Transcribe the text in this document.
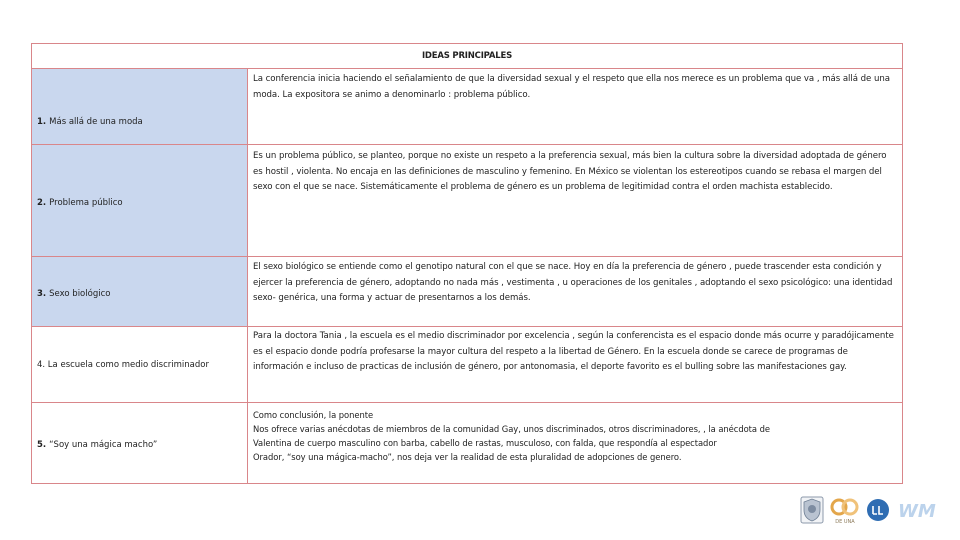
IDEAS PRINCIPALES
1. Más allá de una moda
La conferencia inicia haciendo el señalamiento de que la diversidad sexual y el respeto que ella nos merece es un problema que va , más allá de una moda. La expositora se animo a denominarlo : problema público.
2. Problema público
Es un problema público, se planteo, porque no existe un respeto a la preferencia sexual, más bien la cultura sobre la diversidad adoptada de género es hostil , violenta. No encaja en las definiciones de masculino y femenino. En México se violentan los estereotipos cuando se rebasa el margen del sexo con el que se nace. Sistemáticamente el problema de género es un problema de legitimidad contra el orden machista establecido.
3. Sexo biológico
El sexo biológico se entiende como el genotipo natural con el que se nace. Hoy en día la preferencia de género , puede trascender esta condición y ejercer la preferencia de género, adoptando no nada más , vestimenta , u operaciones de los genitales , adoptando el sexo psicológico: una identidad sexo- genérica, una forma y actuar de presentarnos a los demás.
4. La escuela como medio discriminador
Para la doctora Tania , la escuela es el medio discriminador por excelencia , según la conferencista es el espacio donde más ocurre y paradójicamente es el espacio donde podría profesarse la mayor cultura del respeto a la libertad de Género. En la escuela donde se carece de programas de información e incluso de practicas de inclusión de género, por antonomasia, el deporte favorito es el bulling sobre las manifestaciones gay.
5. “Soy una mágica macho”
Como conclusión, la ponente
Nos ofrece varias anécdotas de miembros de la comunidad Gay, unos discriminados, otros discriminadores, , la anécdota de
Valentina de cuerpo masculino con barba, cabello de rastas, musculoso, con falda, que respondía al espectador
Orador, “soy una mágica-macho”, nos deja ver la realidad de esta pluralidad de adopciones de genero.
DE UNA WM
